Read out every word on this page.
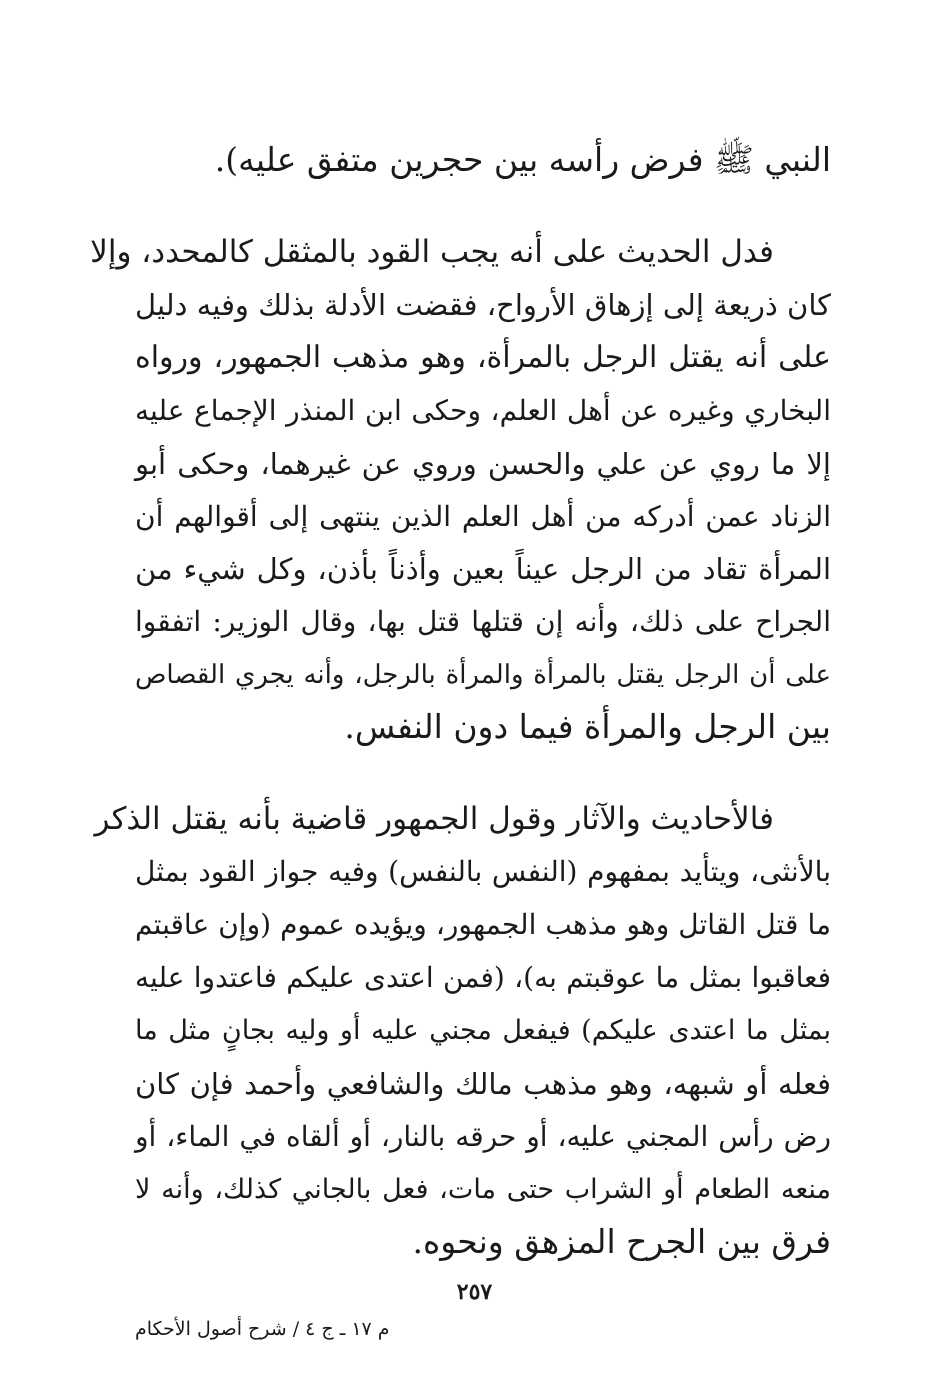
النبي ﷺ فرض رأسه بين حجرين متفق عليه).
فدل الحديث على أنه يجب القود بالمثقل كالمحدد، وإلا
كان ذريعة إلى إزهاق الأرواح، فقضت الأدلة بذلك وفيه دليل
على أنه يقتل الرجل بالمرأة، وهو مذهب الجمهور، ورواه
البخاري وغيره عن أهل العلم، وحكى ابن المنذر الإجماع عليه
إلا ما روي عن علي والحسن وروي عن غيرهما، وحكى أبو
الزناد عمن أدركه من أهل العلم الذين ينتهى إلى أقوالهم أن
المرأة تقاد من الرجل عيناً بعين وأذناً بأذن، وكل شيء من
الجراح على ذلك، وأنه إن قتلها قتل بها، وقال الوزير: اتفقوا
على أن الرجل يقتل بالمرأة والمرأة بالرجل، وأنه يجري القصاص
بين الرجل والمرأة فيما دون النفس.
فالأحاديث والآثار وقول الجمهور قاضية بأنه يقتل الذكر
بالأنثى، ويتأيد بمفهوم (النفس بالنفس) وفيه جواز القود بمثل
ما قتل القاتل وهو مذهب الجمهور، ويؤيده عموم (وإن عاقبتم
فعاقبوا بمثل ما عوقبتم به)، (فمن اعتدى عليكم فاعتدوا عليه
بمثل ما اعتدى عليكم) فيفعل مجني عليه أو وليه بجانٍ مثل ما
فعله أو شبهه، وهو مذهب مالك والشافعي وأحمد فإن كان
رض رأس المجني عليه، أو حرقه بالنار، أو ألقاه في الماء، أو
منعه الطعام أو الشراب حتى مات، فعل بالجاني كذلك، وأنه لا
فرق بين الجرح المزهق ونحوه.
٢٥٧
م ١٧ ـ ج ٤ / شرح أصول الأحكام
